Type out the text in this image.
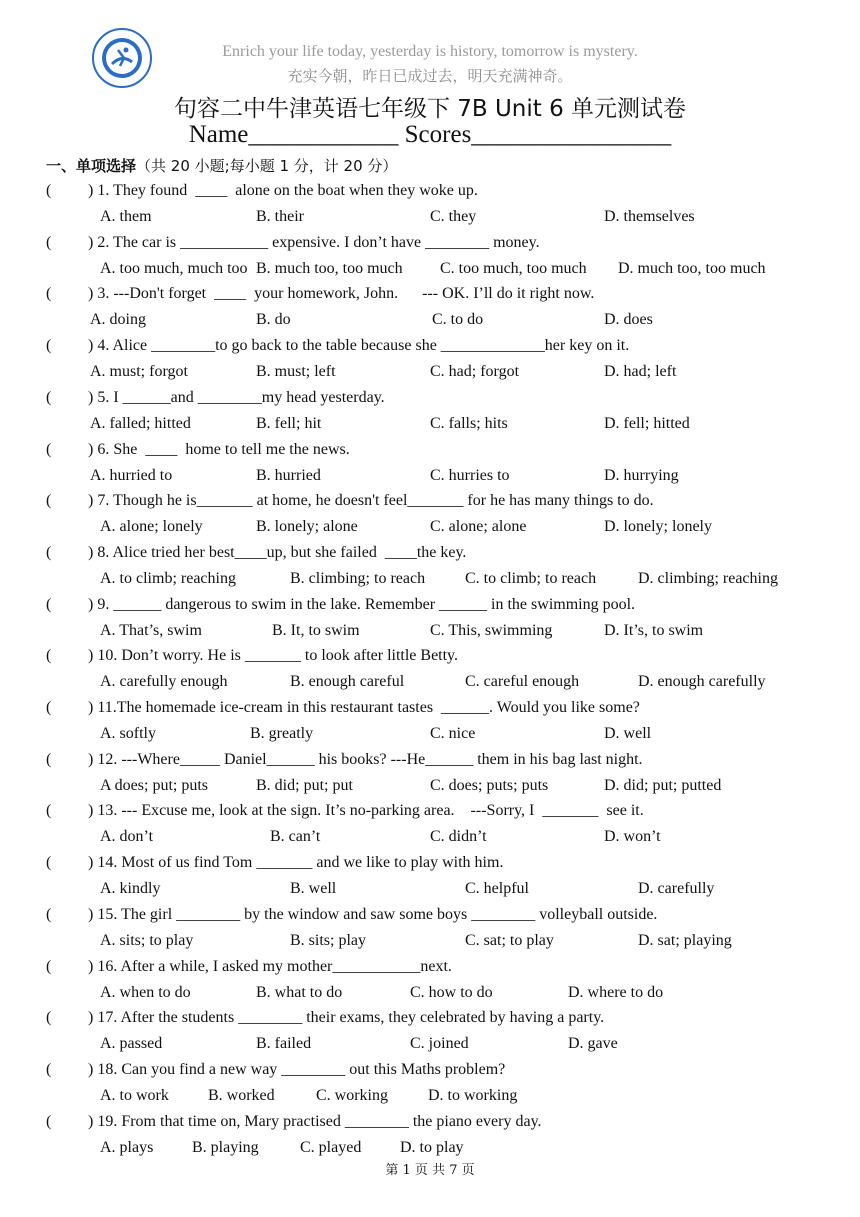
Enrich your life today, yesterday is history, tomorrow is mystery.
充实今朝，昨日已成过去，明天充满神奇。
句容二中牛津英语七年级下 7B Unit 6 单元测试卷
Name____________ Scores________________
一、单项选择（共 20 小题;每小题 1 分，计 20 分）
( ) 1. They found  ____  alone on the boat when they woke up.
A. them	B. their	C. they	D. themselves
( ) 2. The car is ___________ expensive. I don’t have ________ money.
A. too much, much too B. much too, too much C. too much, too much D. much too, too much
( ) 3. ---Don't forget  ____  your homework, John.      --- OK. I’ll do it right now.
A. doing	B. do	C. to do	D. does
( ) 4. Alice ________to go back to the table because she _____________her key on it.
A. must; forgot	B. must; left	C. had; forgot	D. had; left
( ) 5. I ______and ________my head yesterday.
A. falled; hitted	B. fell; hit	C. falls; hits	D. fell; hitted
( ) 6. She  ____  home to tell me the news.
A. hurried to	B. hurried	C. hurries to	D. hurrying
( ) 7. Though he is_______ at home, he doesn't feel_______ for he has many things to do.
A. alone; lonely	B. lonely; alone	C. alone; alone	D. lonely; lonely
( ) 8. Alice tried her best____up, but she failed  ____the key.
A. to climb; reaching	B. climbing; to reach C. to climb; to reach	D. climbing; reaching
( ) 9. ______ dangerous to swim in the lake. Remember ______ in the swimming pool.
A. That’s, swim	B. It, to swim	C. This, swimming	D. It’s, to swim
( ) 10. Don’t worry. He is _______ to look after little Betty.
A. carefully enough	B. enough careful	C. careful enough	D. enough carefully
( ) 11.The homemade ice-cream in this restaurant tastes  ______. Would you like some?
A. softly	B. greatly	C. nice	D. well
( ) 12. ---Where_____ Daniel______ his books? ---He______ them in his bag last night.
A does; put; puts	B. did; put; put	C. does; puts; puts	D. did; put; putted
( ) 13. --- Excuse me, look at the sign. It’s no-parking area.    ---Sorry, I  _______  see it.
A. don’t	B. can’t	C. didn’t	D. won’t
( ) 14. Most of us find Tom _______ and we like to play with him.
A. kindly	B. well	C. helpful	D. carefully
( ) 15. The girl ________ by the window and saw some boys ________ volleyball outside.
A. sits; to play	B. sits; play	C. sat; to play	D. sat; playing
( ) 16. After a while, I asked my mother___________next.
A. when to do	B. what to do	C. how to do	D. where to do
( ) 17. After the students ________ their exams, they celebrated by having a party.
A. passed	B. failed	C. joined	D. gave
( ) 18. Can you find a new way ________ out this Maths problem?
A. to work B. worked	C. working	D. to working
( ) 19. From that time on, Mary practised ________ the piano every day.
A. plays B. playing	C. played D. to play
第 1 页 共 7 页
